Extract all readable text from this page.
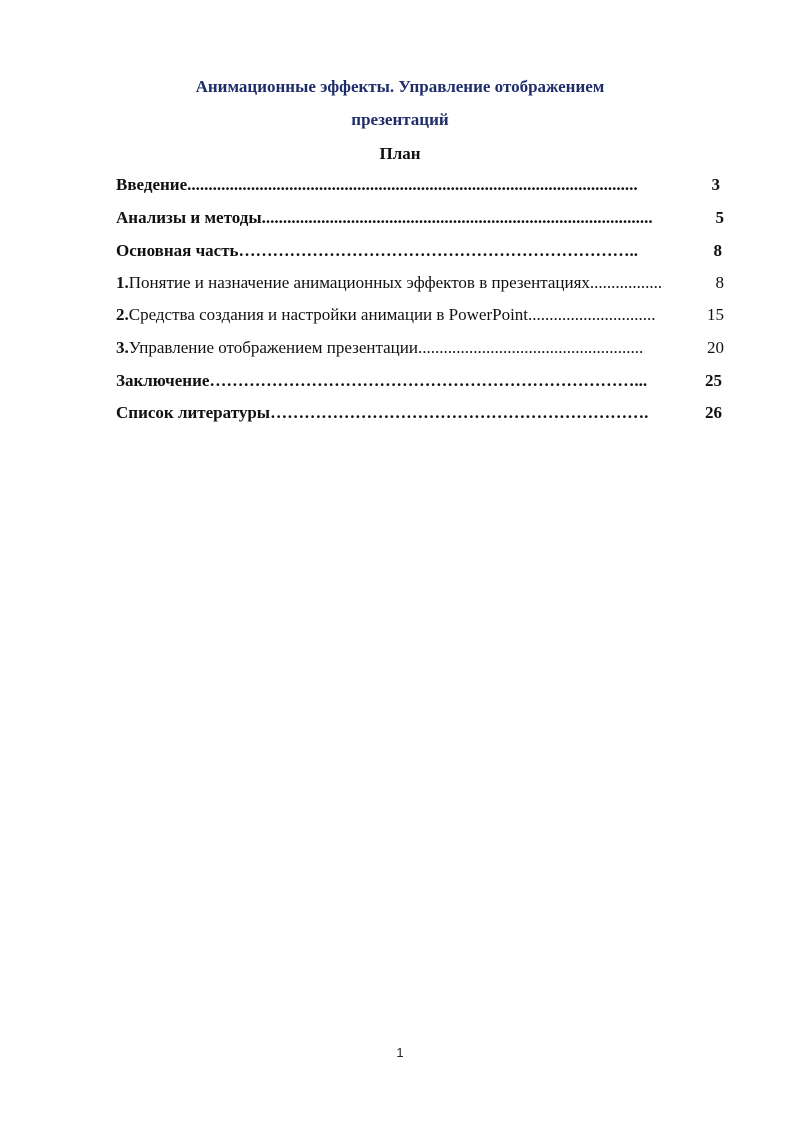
Анимационные эффекты. Управление отображением
презентаций
План
Введение ..........................................................................................................	3
Анализы и методы ............................................................................................	5
Основная часть ……………………………………………………………..	8
1. Понятие и назначение анимационных эффектов в презентациях .................	8
2. Средства создания и настройки анимации в PowerPoint ..............................	15
3. Управление отображением презентации .....................................................	20
Заключение …………………………………………………………………...	25
Список литературы ………………………………………………………….	26
1
